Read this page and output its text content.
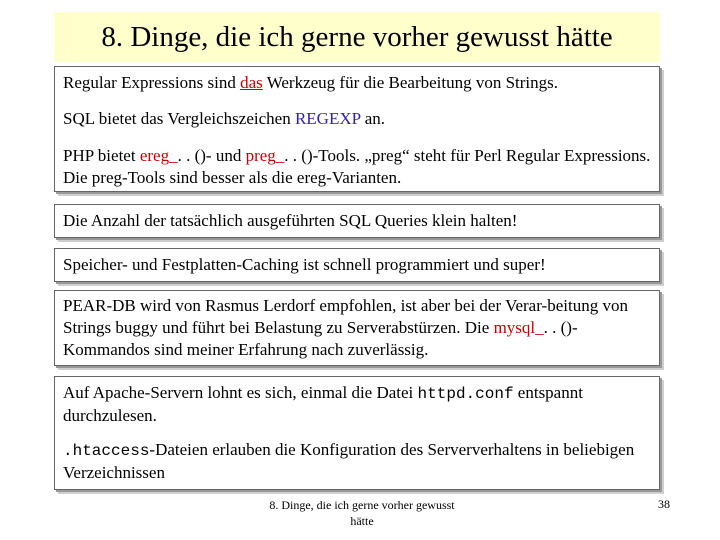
8. Dinge, die ich gerne vorher gewusst hätte

Regular Expressions sind das Werkzeug für die Bearbeitung von Strings.

SQL bietet das Vergleichszeichen REGEXP an.

PHP bietet ereg_. . ()- und preg_. . ()-Tools. „preg“ steht für Perl Regular Expressions. Die preg-Tools sind besser als die ereg-Varianten.

Die Anzahl der tatsächlich ausgeführten SQL Queries klein halten!

Speicher- und Festplatten-Caching ist schnell programmiert und super!

PEAR-DB wird von Rasmus Lerdorf empfohlen, ist aber bei der Verar-beitung von Strings buggy und führt bei Belastung zu Serverabstürzen. Die mysql_. . ()-Kommandos sind meiner Erfahrung nach zuverlässig.

Auf Apache-Servern lohnt es sich, einmal die Datei httpd.conf entspannt durchzulesen.

.htaccess-Dateien erlauben die Konfiguration des Serververhaltens in beliebigen Verzeichnissen

8. Dinge, die ich gerne vorher gewusst hätte
38
